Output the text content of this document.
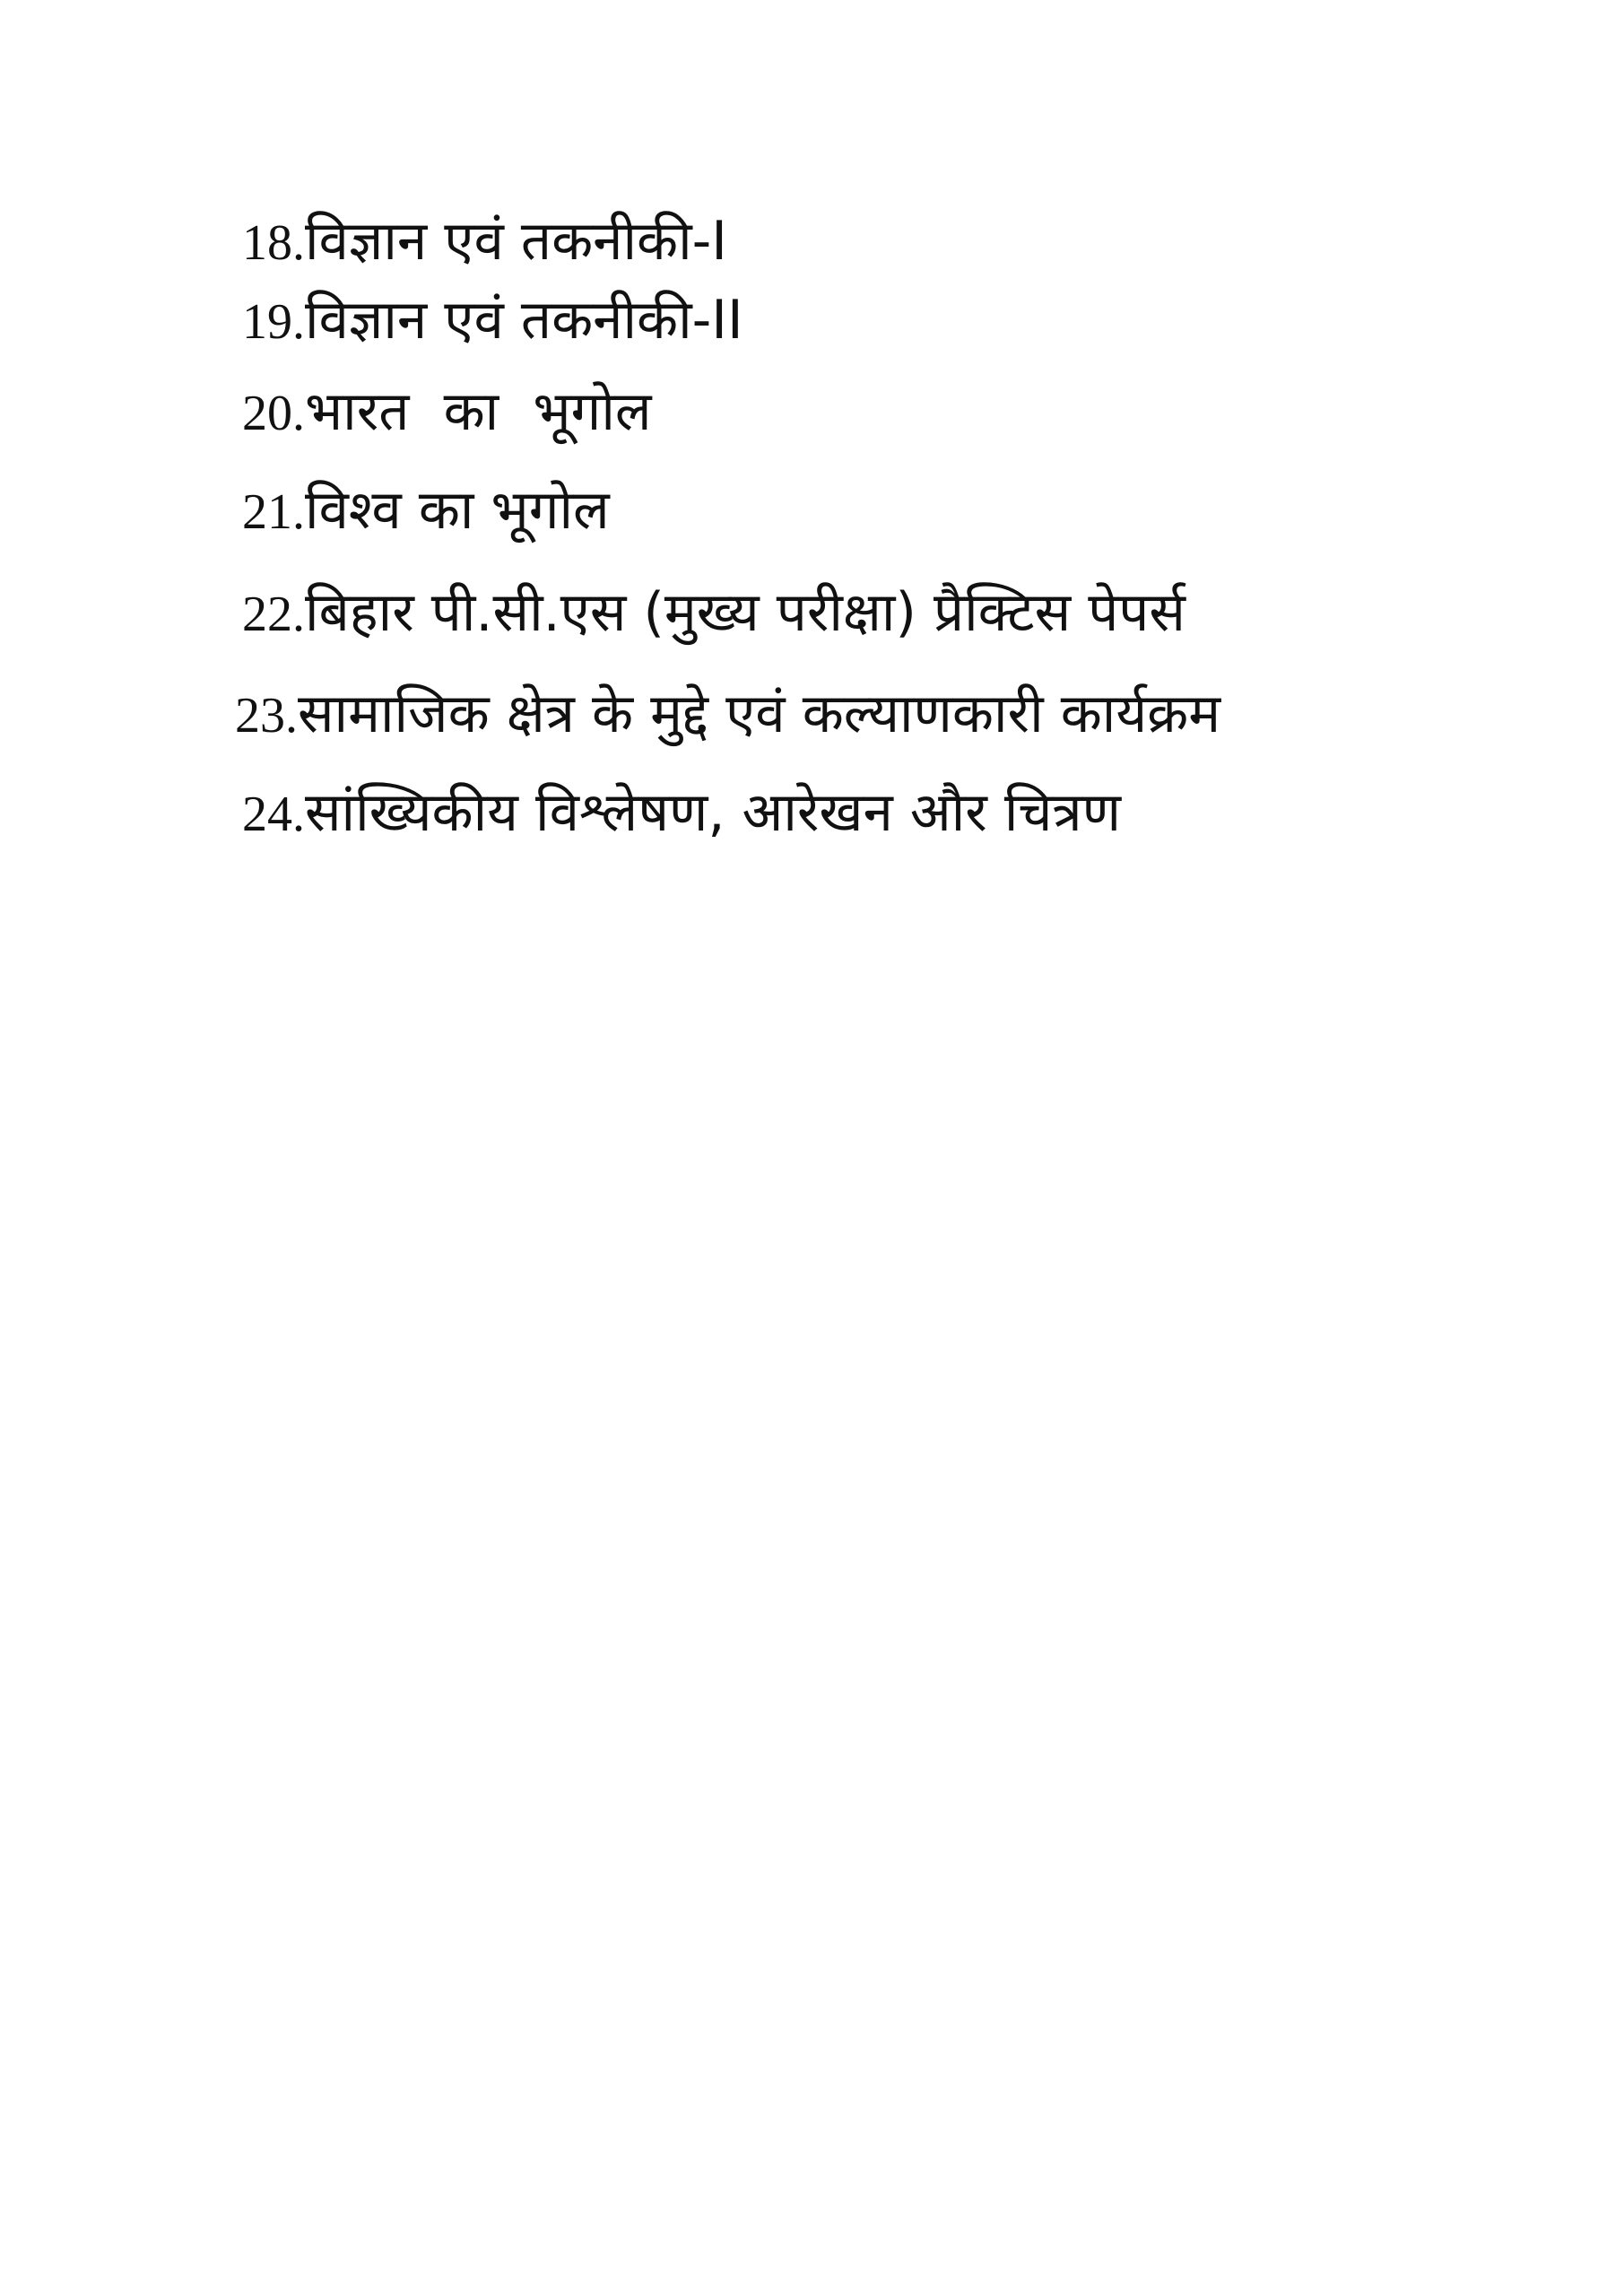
18.विज्ञान एवं तकनीकी-I
19.विज्ञान एवं तकनीकी-II
20.भारत  का  भूगोल
21.विश्व का भूगोल
22.बिहार पी.सी.एस (मुख्य परीक्षा) प्रैक्टिस पेपर्स
23.सामाजिक क्षेत्र के मुद्दे एवं कल्याणकारी कार्यक्रम
24.सांख्यिकीय विश्लेषण, आरेखन और चित्रण
